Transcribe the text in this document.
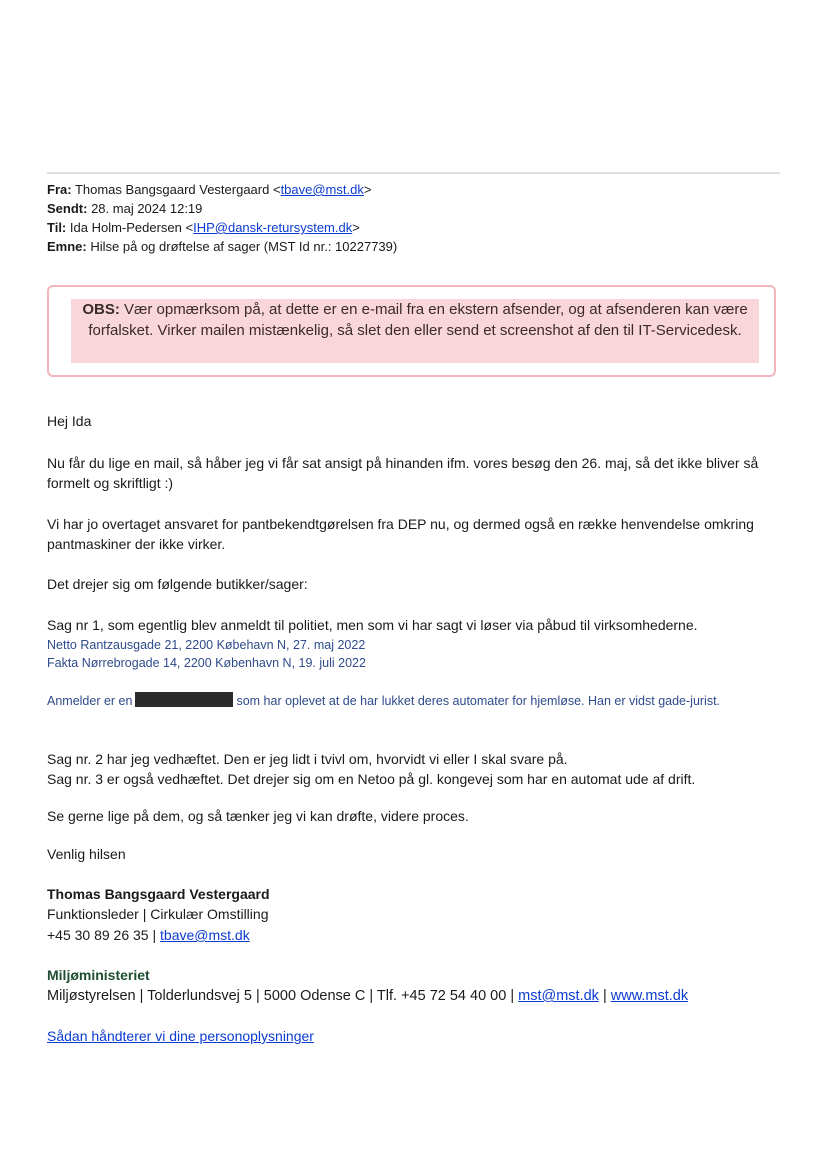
Fra: Thomas Bangsgaard Vestergaard <tbave@mst.dk>
Sendt: 28. maj 2024 12:19
Til: Ida Holm-Pedersen <IHP@dansk-retursystem.dk>
Emne: Hilse på og drøftelse af sager (MST Id nr.: 10227739)
OBS: Vær opmærksom på, at dette er en e-mail fra en ekstern afsender, og at afsenderen kan være forfalsket. Virker mailen mistænkelig, så slet den eller send et screenshot af den til IT-Servicedesk.
Hej Ida
Nu får du lige en mail, så håber jeg vi får sat ansigt på hinanden ifm. vores besøg den 26. maj, så det ikke bliver så formelt og skriftligt :)
Vi har jo overtaget ansvaret for pantbekendtgørelsen fra DEP nu, og dermed også en række henvendelse omkring pantmaskiner der ikke virker.
Det drejer sig om følgende butikker/sager:
Sag nr 1, som egentlig blev anmeldt til politiet, men som vi har sagt vi løser via påbud til virksomhederne.
Netto Rantzausgade 21, 2200 Købehavn N, 27. maj 2022
Fakta Nørrebrogade 14, 2200 København N, 19. juli 2022
Anmelder er en	som har oplevet at de har lukket deres automater for hjemløse. Han er vidst gade-jurist.
Sag nr. 2 har jeg vedhæftet. Den er jeg lidt i tvivl om, hvorvidt vi eller I skal svare på.
Sag nr. 3 er også vedhæftet. Det drejer sig om en Netoo på gl. kongevej som har en automat ude af drift.
Se gerne lige på dem, og så tænker jeg vi kan drøfte, videre proces.
Venlig hilsen
Thomas Bangsgaard Vestergaard
Funktionsleder | Cirkulær Omstilling
+45 30 89 26 35 | tbave@mst.dk
Miljøministeriet
Miljøstyrelsen | Tolderlundsvej 5 | 5000 Odense C | Tlf. +45 72 54 40 00 | mst@mst.dk | www.mst.dk
Sådan håndterer vi dine personoplysninger
